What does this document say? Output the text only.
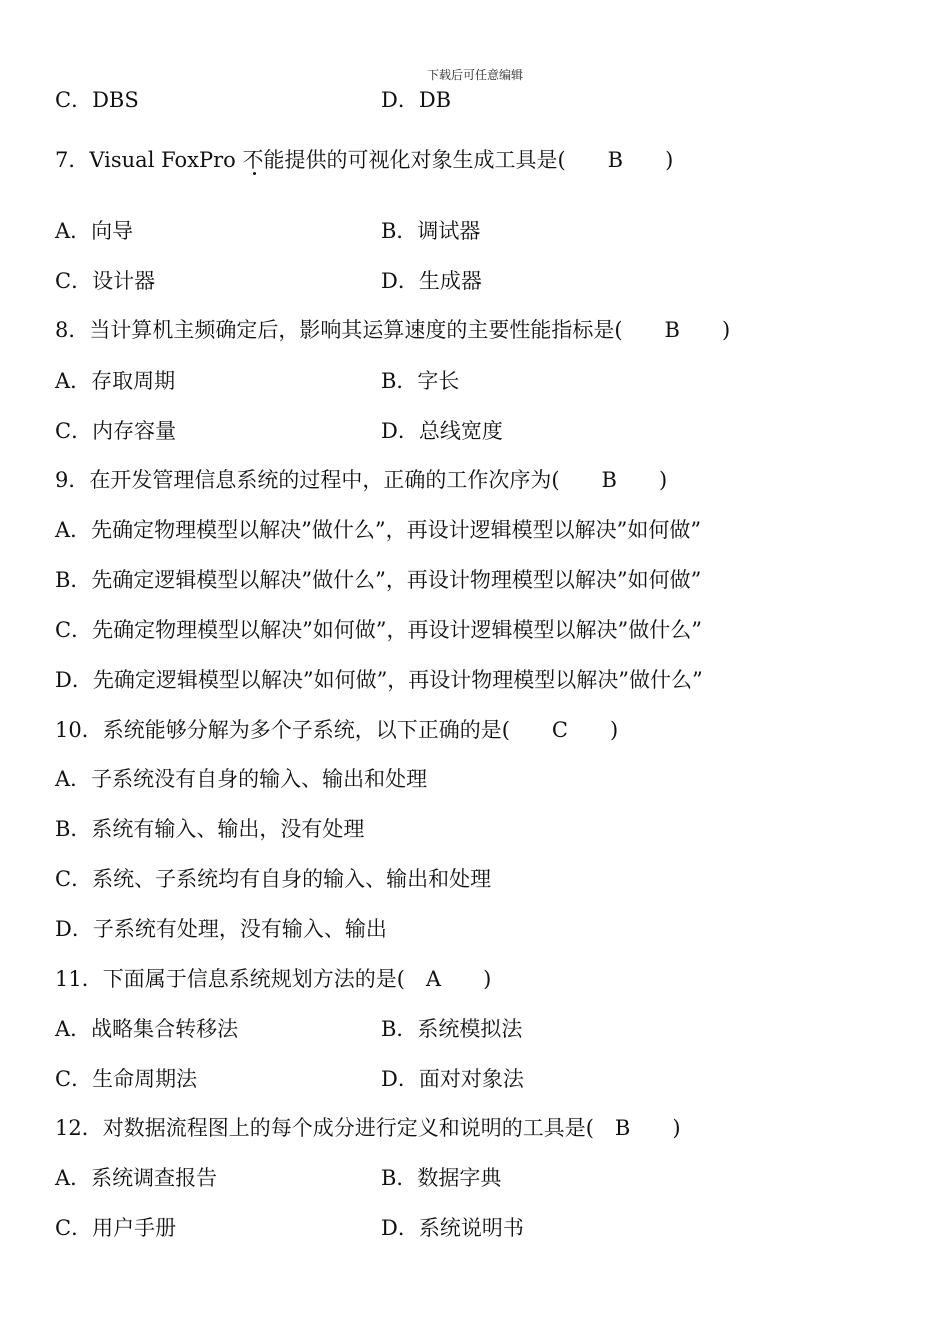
下载后可任意编辑
C．DBS	D．DB
7．Visual FoxPro 不能提供的可视化对象生成工具是(　　B　　)
A．向导	B．调试器
C．设计器	D．生成器
8．当计算机主频确定后，影响其运算速度的主要性能指标是(　　B　　)
A．存取周期	B．字长
C．内存容量	D．总线宽度
9．在开发管理信息系统的过程中，正确的工作次序为(　　B　　)
A．先确定物理模型以解决”做什么”，再设计逻辑模型以解决”如何做”
B．先确定逻辑模型以解决”做什么”，再设计物理模型以解决”如何做”
C．先确定物理模型以解决”如何做”，再设计逻辑模型以解决”做什么”
D．先确定逻辑模型以解决”如何做”，再设计物理模型以解决”做什么”
10．系统能够分解为多个子系统，以下正确的是(　　C　　)
A．子系统没有自身的输入、输出和处理
B．系统有输入、输出，没有处理
C．系统、子系统均有自身的输入、输出和处理
D．子系统有处理，没有输入、输出
11．下面属于信息系统规划方法的是(　A　　)
A．战略集合转移法	B．系统模拟法
C．生命周期法	D．面对对象法
12．对数据流程图上的每个成分进行定义和说明的工具是(　B　　)
A．系统调查报告	B．数据字典
C．用户手册	D．系统说明书
